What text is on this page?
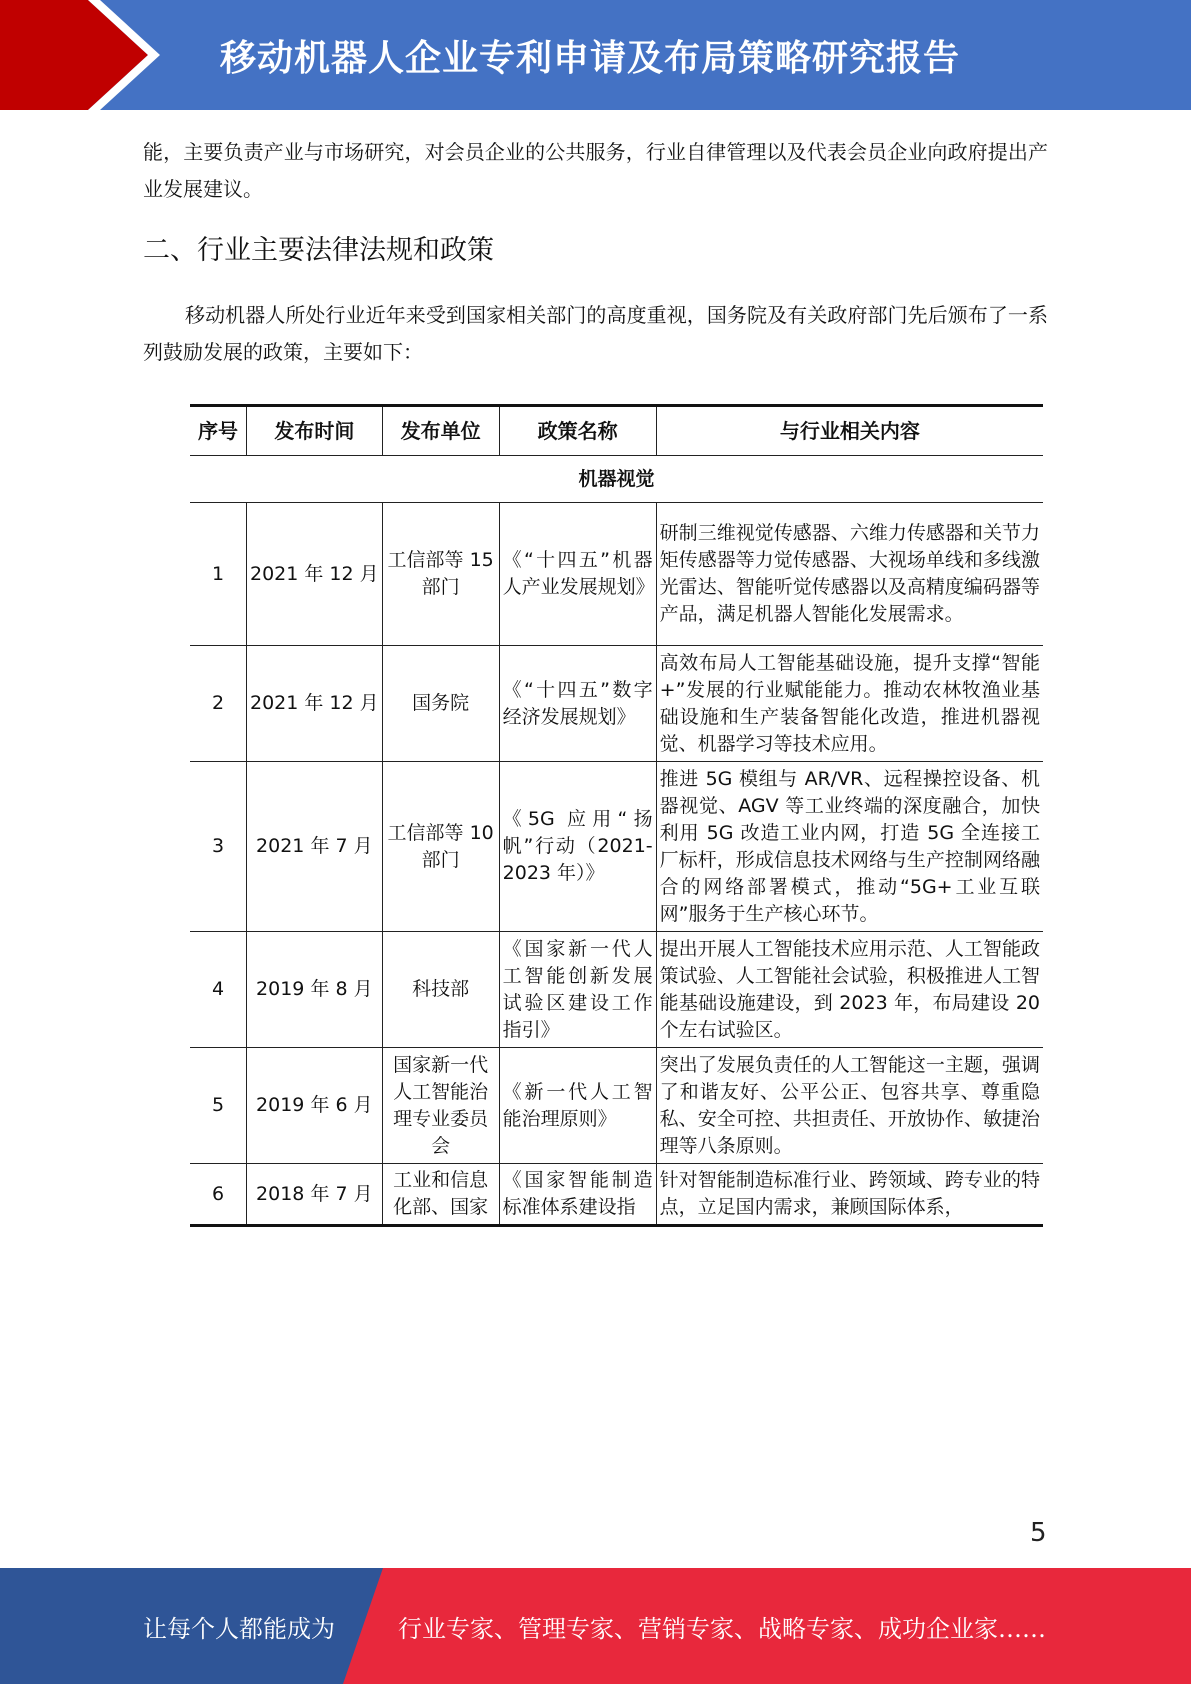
移动机器人企业专利申请及布局策略研究报告
能，主要负责产业与市场研究，对会员企业的公共服务，行业自律管理以及代表会员企业向政府提出产业发展建议。
二、行业主要法律法规和政策
移动机器人所处行业近年来受到国家相关部门的高度重视，国务院及有关政府部门先后颁布了一系列鼓励发展的政策，主要如下：
序号	发布时间	发布单位	政策名称	与行业相关内容
机器视觉				
1	2021 年 12 月	工信部等 15 部门	《“十四五”机器人产业发展规划》	研制三维视觉传感器、六维力传感器和关节力矩传感器等力觉传感器、大视场单线和多线激光雷达、智能听觉传感器以及高精度编码器等产品，满足机器人智能化发展需求。
2	2021 年 12 月	国务院	《“十四五”数字经济发展规划》	高效布局人工智能基础设施，提升支撑“智能+”发展的行业赋能能力。推动农林牧渔业基础设施和生产装备智能化改造，推进机器视觉、机器学习等技术应用。
3	2021 年 7 月	工信部等 10 部门	《5G 应用“扬帆”行动（2021-2023 年）》	推进 5G 模组与 AR/VR、远程操控设备、机器视觉、AGV 等工业终端的深度融合，加快利用 5G 改造工业内网，打造 5G 全连接工厂标杆，形成信息技术网络与生产控制网络融合的网络部署模式，推动“5G+工业互联网”服务于生产核心环节。
4	2019 年 8 月	科技部	《国家新一代人工智能创新发展试验区建设工作指引》	提出开展人工智能技术应用示范、人工智能政策试验、人工智能社会试验，积极推进人工智能基础设施建设，到 2023 年，布局建设 20 个左右试验区。
5	2019 年 6 月	国家新一代人工智能治理专业委员会	《新一代人工智能治理原则》	突出了发展负责任的人工智能这一主题，强调了和谐友好、公平公正、包容共享、尊重隐私、安全可控、共担责任、开放协作、敏捷治理等八条原则。
6	2018 年 7 月	工业和信息化部、国家	《国家智能制造标准体系建设指	针对智能制造标准行业、跨领域、跨专业的特点，立足国内需求，兼顾国际体系，
5
让每个人都能成为	行业专家、管理专家、营销专家、战略专家、成功企业家……
